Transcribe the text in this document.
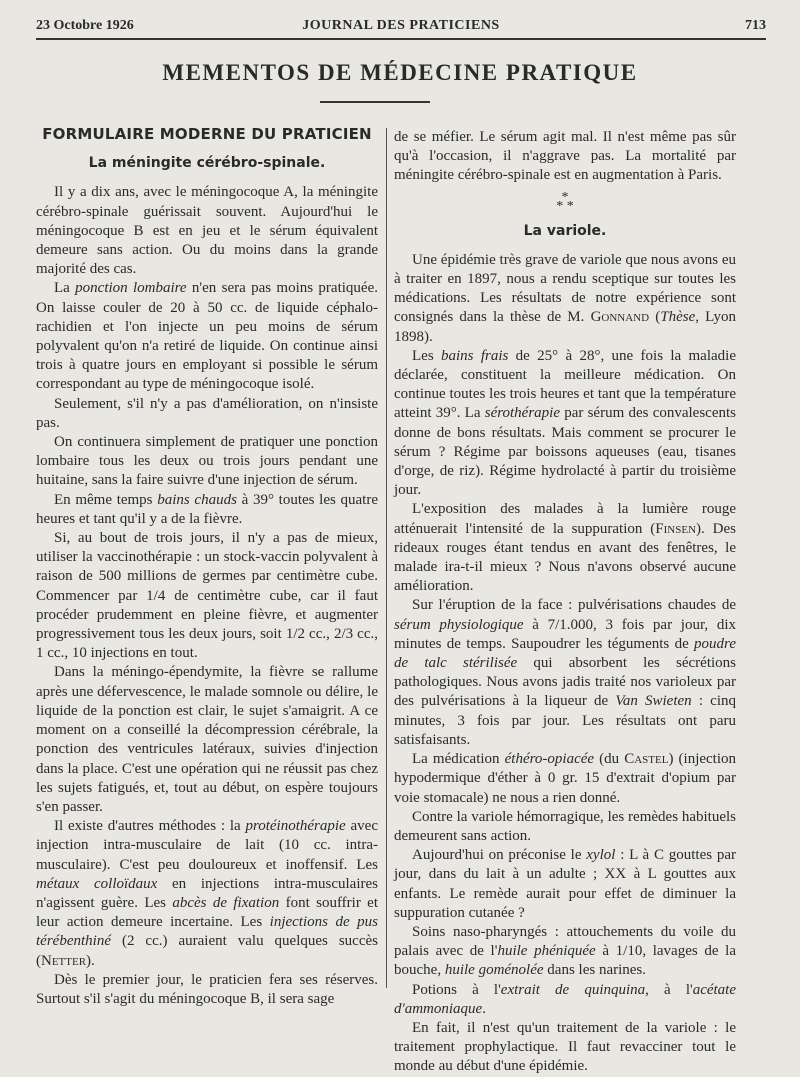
23 Octobre 1926	JOURNAL DES PRATICIENS	713
MEMENTOS DE MÉDECINE PRATIQUE
FORMULAIRE MODERNE DU PRATICIEN
La méningite cérébro-spinale.

Il y a dix ans, avec le méningocoque A, la méningite cérébro-spinale guérissait souvent. Aujourd'hui le méningocoque B est en jeu et le sérum équivalent demeure sans action. Ou du moins dans la grande majorité des cas.

La ponction lombaire n'en sera pas moins pratiquée. On laisse couler de 20 à 50 cc. de liquide céphalo-rachidien et l'on injecte un peu moins de sérum polyvalent qu'on n'a retiré de liquide. On continue ainsi trois à quatre jours en employant si possible le sérum correspondant au type de méningocoque isolé.

Seulement, s'il n'y a pas d'amélioration, on n'insiste pas.

On continuera simplement de pratiquer une ponction lombaire tous les deux ou trois jours pendant une huitaine, sans la faire suivre d'une injection de sérum.

En même temps bains chauds à 39° toutes les quatre heures et tant qu'il y a de la fièvre.

Si, au bout de trois jours, il n'y a pas de mieux, utiliser la vaccinothérapie : un stock-vaccin polyvalent à raison de 500 millions de germes par centimètre cube. Commencer par 1/4 de centimètre cube, car il faut procéder prudemment en pleine fièvre, et augmenter progressivement tous les deux jours, soit 1/2 cc., 2/3 cc., 1 cc., 10 injections en tout.

Dans la méningo-épendymite, la fièvre se rallume après une défervescence, le malade somnole ou délire, le liquide de la ponction est clair, le sujet s'amaigrit. A ce moment on a conseillé la décompression cérébrale, la ponction des ventricules latéraux, suivies d'injection dans la place. C'est une opération qui ne réussit pas chez les sujets fatigués, et, tout au début, on espère toujours s'en passer.

Il existe d'autres méthodes : la protéinothérapie avec injection intra-musculaire de lait (10 cc. intra-musculaire). C'est peu douloureux et inoffensif. Les métaux colloïdaux en injections intra-musculaires n'agissent guère. Les abcès de fixation font souffrir et leur action demeure incertaine. Les injections de pus térébenthiné (2 cc.) auraient valu quelques succès (Netter).

Dès le premier jour, le praticien fera ses réserves. Surtout s'il s'agit du méningocoque B, il sera sage

de se méfier. Le sérum agit mal. Il n'est même pas sûr qu'à l'occasion, il n'aggrave pas. La mortalité par méningite cérébro-spinale est en augmentation à Paris.

*
* *
La variole.

Une épidémie très grave de variole que nous avons eu à traiter en 1897, nous a rendu sceptique sur toutes les médications. Les résultats de notre expérience sont consignés dans la thèse de M. Gonnand (Thèse, Lyon 1898).

Les bains frais de 25° à 28°, une fois la maladie déclarée, constituent la meilleure médication. On continue toutes les trois heures et tant que la température atteint 39°. La sérothérapie par sérum des convalescents donne de bons résultats. Mais comment se procurer le sérum ? Régime par boissons aqueuses (eau, tisanes d'orge, de riz). Régime hydrolacté à partir du troisième jour.

L'exposition des malades à la lumière rouge atténuerait l'intensité de la suppuration (Finsen). Des rideaux rouges étant tendus en avant des fenêtres, le malade ira-t-il mieux ? Nous n'avons observé aucune amélioration.

Sur l'éruption de la face : pulvérisations chaudes de sérum physiologique à 7/1.000, 3 fois par jour, dix minutes de temps. Saupoudrer les téguments de poudre de talc stérilisée qui absorbent les sécrétions pathologiques. Nous avons jadis traité nos varioleux par des pulvérisations à la liqueur de Van Swieten : cinq minutes, 3 fois par jour. Les résultats ont paru satisfaisants.

La médication éthéro-opiacée (du Castel) (injection hypodermique d'éther à 0 gr. 15 d'extrait d'opium par voie stomacale) ne nous a rien donné.

Contre la variole hémorragique, les remèdes habituels demeurent sans action.

Aujourd'hui on préconise le xylol : L à C gouttes par jour, dans du lait à un adulte ; XX à L gouttes aux enfants. Le remède aurait pour effet de diminuer la suppuration cutanée ?

Soins naso-pharyngés : attouchements du voile du palais avec de l'huile phéniquée à 1/10, lavages de la bouche, huile goménolée dans les narines.

Potions à l'extrait de quinquina, à l'acétate d'ammoniaque.

En fait, il n'est qu'un traitement de la variole : le traitement prophylactique. Il faut revacciner tout le monde au début d'une épidémie.
